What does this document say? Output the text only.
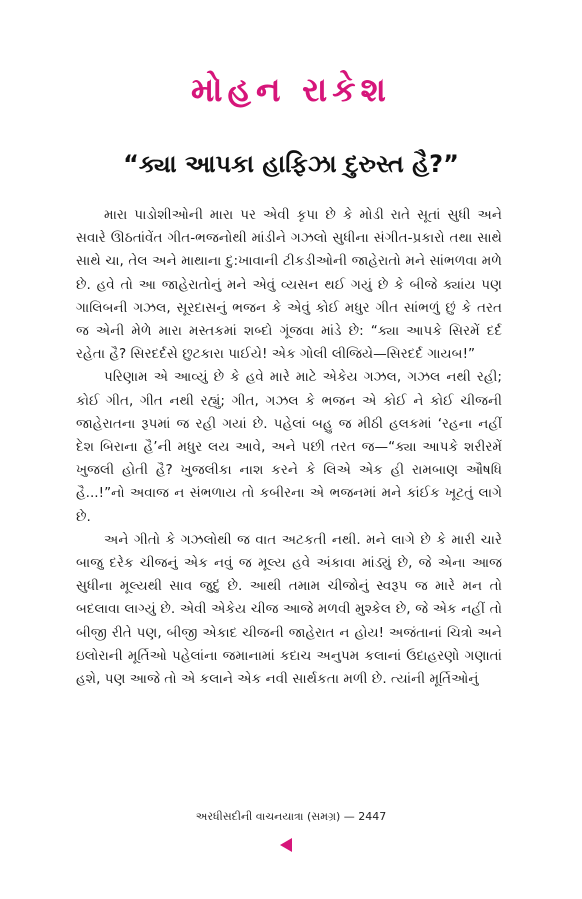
મોહન રાકેશ
“ક્યા આપકા હાફિઝા દુરુસ્ત હૈ?”

મારા પાડોશીઓની મારા પર એવી કૃપા છે કે મોડી રાતે સૂતાં સુધી અને સવારે ઊઠતાંવેંત ગીત-ભજનોથી માંડીને ગઝલો સુધીના સંગીત-પ્રકારો તથા સાથે સાથે ચા, તેલ અને માથાના દુ:ખાવાની ટીકડીઓની જાહેરાતો મને સાંભળવા મળે છે. હવે તો આ જાહેરાતોનું મને એવું વ્યસન થઈ ગયું છે કે બીજે ક્યાંય પણ ગાલિબની ગઝલ, સૂરદાસનું ભજન કે એવું કોઈ મધુર ગીત સાંભળું છું કે તરત જ એની મેળે મારા મસ્તકમાં શબ્દો ગૂંજવા માંડે છે: “ક્યા આપકે સિરમેં દર્દ રહેતા હૈ? સિરદર્દસે છુટકારા પાઈયે! એક ગોલી લીજિયે—સિરદર્દ ગાયબ!”

પરિણામ એ આવ્યું છે કે હવે મારે માટે એકેય ગઝલ, ગઝલ નથી રહી; કોઈ ગીત, ગીત નથી રહ્યું; ગીત, ગઝલ કે ભજન એ કોઈ ને કોઈ ચીજની જાહેરાતના રૂપમાં જ રહી ગયાં છે. પહેલાં બહુ જ મીઠી હલકમાં ‘રહના નહીં દેશ બિરાના હૈ’ની મધુર લય આવે, અને પછી તરત જ—“ક્યા આપકે શરીરમેં ખુજલી હોતી હૈ? ખુજલીકા નાશ કરને કે લિએ એક હી રામબાણ ઔષધિ હૈ...!”નો અવાજ ન સંભળાય તો કબીરના એ ભજનમાં મને કાંઈક ખૂટતું લાગે છે.

અને ગીતો કે ગઝલોથી જ વાત અટકતી નથી. મને લાગે છે કે મારી ચારે બાજુ દરેક ચીજનું એક નવું જ મૂલ્ય હવે અંકાવા માંડ્યું છે, જે એના આજ સુધીના મૂલ્યથી સાવ જુદું છે. આથી તમામ ચીજોનું સ્વરૂપ જ મારે મન તો બદલાવા લાગ્યું છે. એવી એકેય ચીજ આજે મળવી મુશ્કેલ છે, જે એક નહીં તો બીજી રીતે પણ, બીજી એકાદ ચીજની જાહેરાત ન હોય! અજંતાનાં ચિત્રો અને ઇલોરાની મૂર્તિઓ પહેલાંના જમાનામાં કદાચ અનુપમ કલાનાં ઉદાહરણો ગણાતાં હશે, પણ આજે તો એ કલાને એક નવી સાર્થકતા મળી છે. ત્યાંની મૂર્તિઓનું

અરધીસદીની વાચનયાત્રા (સમગ્ર) — 2447
